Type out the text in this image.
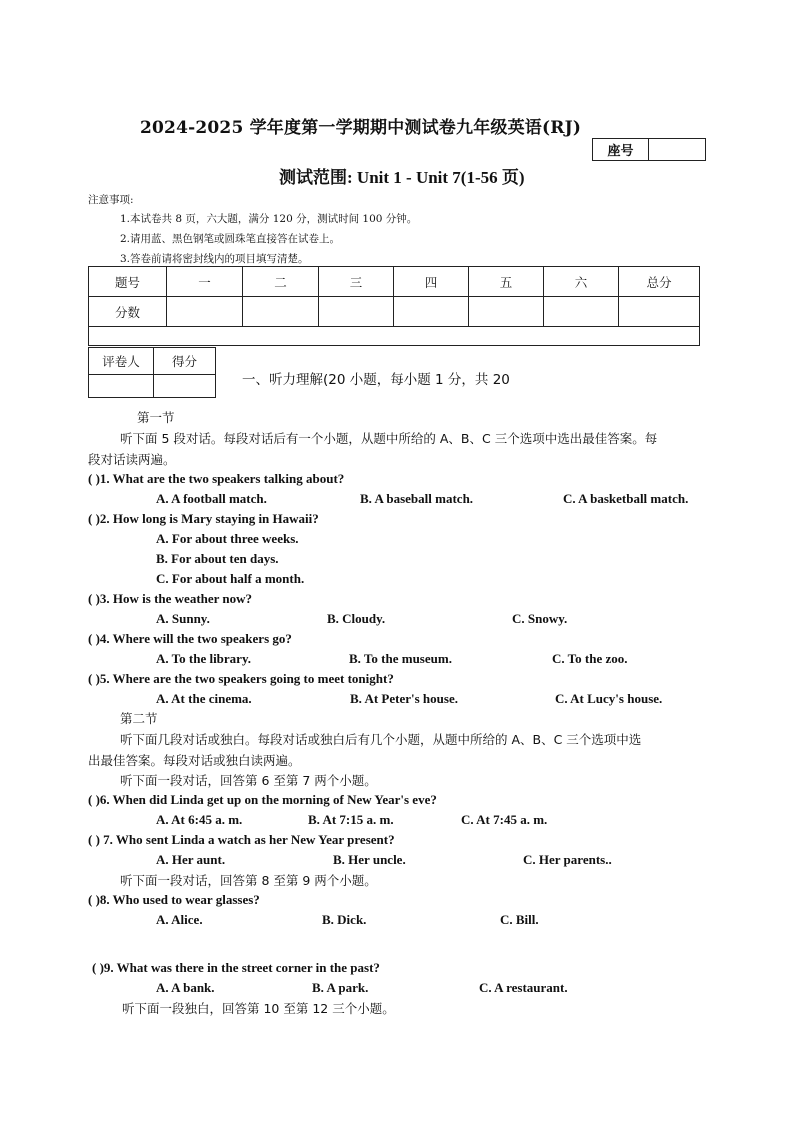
2024-2025 学年度第一学期期中测试卷九年级英语(RJ)
座号	
测试范围: Unit 1 - Unit 7(1-56 页)
注意事项:
1.本试卷共 8 页，六大题，满分 120 分，测试时间 100 分钟。
2.请用蓝、黑色钢笔或圆珠笔直接答在试卷上。
3.答卷前请将密封线内的项目填写清楚。
题号	一	二	三	四	五	六	总分
分数							

评卷人	得分

一、听力理解(20 小题，每小题 1 分，共 20
第一节
听下面 5 段对话。每段对话后有一个小题，从题中所给的 A、B、C 三个选项中选出最佳答案。每
段对话读两遍。
( )1. What are the two speakers talking about?
A. A football match.	B. A baseball match.	C. A basketball match.
( )2. How long is Mary staying in Hawaii?
A. For about three weeks.
B. For about ten days.
C. For about half a month.
( )3. How is the weather now?
A. Sunny.	B. Cloudy.	C. Snowy.
( )4. Where will the two speakers go?
A. To the library.	B. To the museum.	C. To the zoo.
( )5. Where are the two speakers going to meet tonight?
A. At the cinema.	B. At Peter's house.	C. At Lucy's house.
第二节
听下面几段对话或独白。每段对话或独白后有几个小题，从题中所给的 A、B、C 三个选项中选
出最佳答案。每段对话或独白读两遍。
听下面一段对话，回答第 6 至第 7 两个小题。
( )6. When did Linda get up on the morning of New Year's eve?
A. At 6:45 a. m.	B. At 7:15 a. m.	C. At 7:45 a. m.
( ) 7. Who sent Linda a watch as her New Year present?
A. Her aunt.	B. Her uncle.	C. Her parents..
听下面一段对话，回答第 8 至第 9 两个小题。
( )8. Who used to wear glasses?
A. Alice.	B. Dick.	C. Bill.
( )9. What was there in the street corner in the past?
A. A bank.	B. A park.	C. A restaurant.
听下面一段独白，回答第 10 至第 12 三个小题。
